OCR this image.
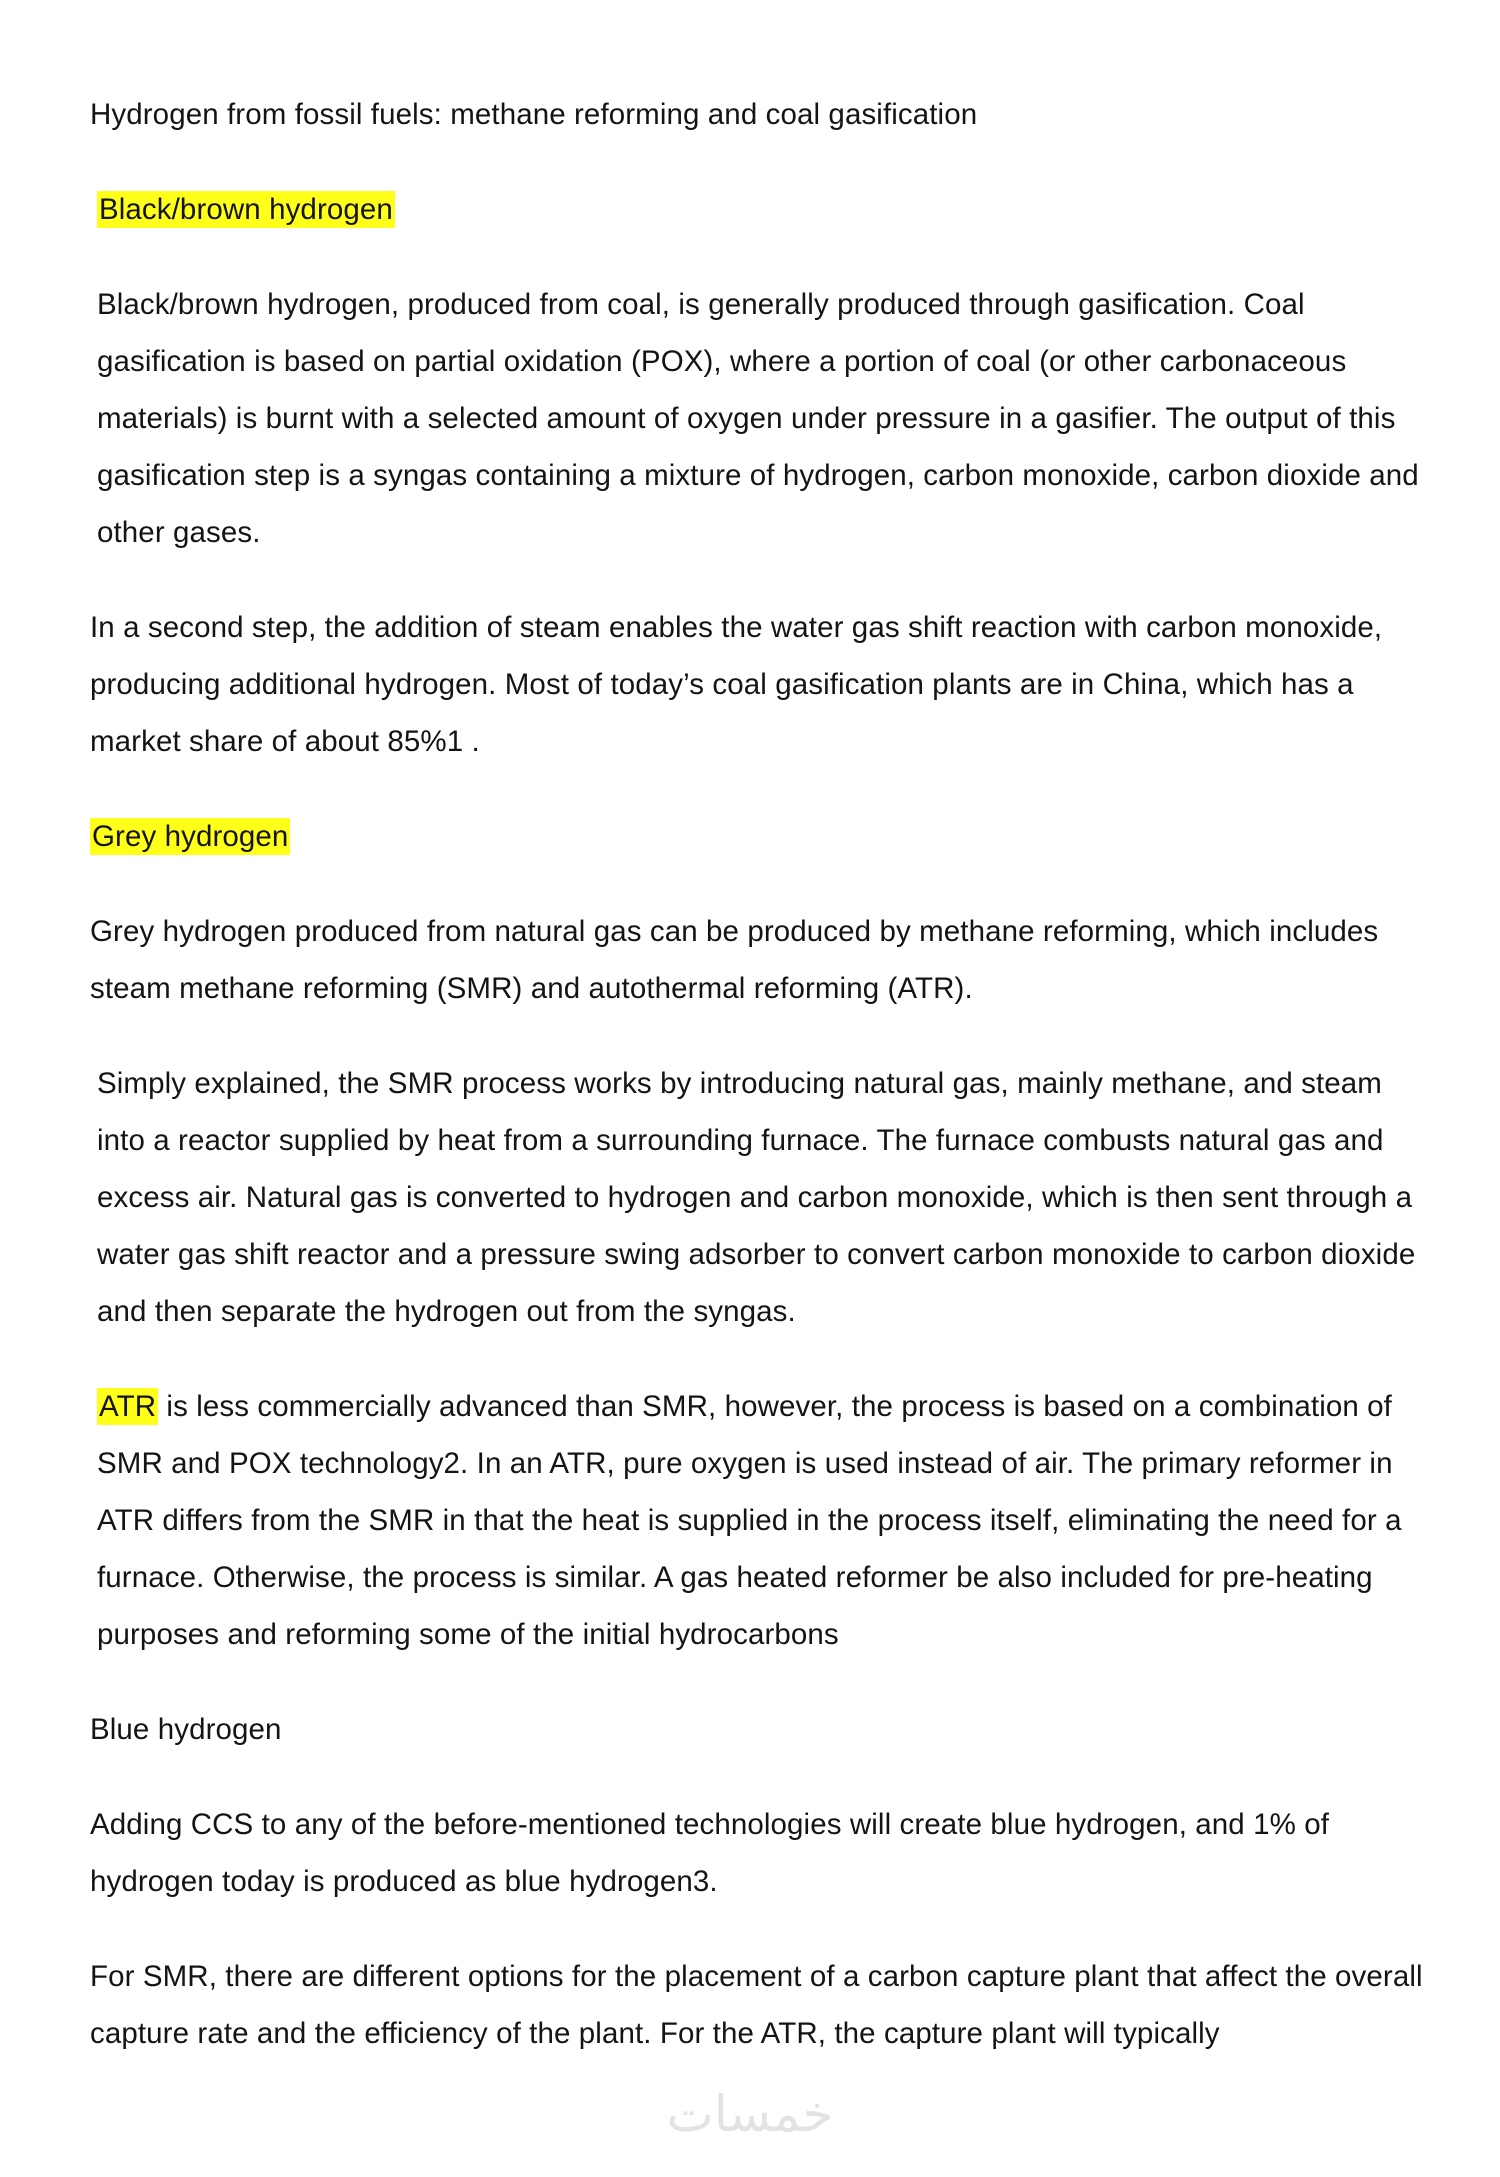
Hydrogen from fossil fuels: methane reforming and coal gasification

Black/brown hydrogen

Black/brown hydrogen, produced from coal, is generally produced through gasification. Coal gasification is based on partial oxidation (POX), where a portion of coal (or other carbonaceous materials) is burnt with a selected amount of oxygen under pressure in a gasifier. The output of this gasification step is a syngas containing a mixture of hydrogen, carbon monoxide, carbon dioxide and other gases.

In a second step, the addition of steam enables the water gas shift reaction with carbon monoxide, producing additional hydrogen. Most of today’s coal gasification plants are in China, which has a market share of about 85%1 .

Grey hydrogen

Grey hydrogen produced from natural gas can be produced by methane reforming, which includes steam methane reforming (SMR) and autothermal reforming (ATR).

Simply explained, the SMR process works by introducing natural gas, mainly methane, and steam into a reactor supplied by heat from a surrounding furnace. The furnace combusts natural gas and excess air. Natural gas is converted to hydrogen and carbon monoxide, which is then sent through a water gas shift reactor and a pressure swing adsorber to convert carbon monoxide to carbon dioxide and then separate the hydrogen out from the syngas.

ATR is less commercially advanced than SMR, however, the process is based on a combination of SMR and POX technology2. In an ATR, pure oxygen is used instead of air. The primary reformer in ATR differs from the SMR in that the heat is supplied in the process itself, eliminating the need for a furnace. Otherwise, the process is similar. A gas heated reformer be also included for pre-heating purposes and reforming some of the initial hydrocarbons

Blue hydrogen

Adding CCS to any of the before-mentioned technologies will create blue hydrogen, and 1% of hydrogen today is produced as blue hydrogen3.

For SMR, there are different options for the placement of a carbon capture plant that affect the overall capture rate and the efficiency of the plant. For the ATR, the capture plant will typically

خمسات
